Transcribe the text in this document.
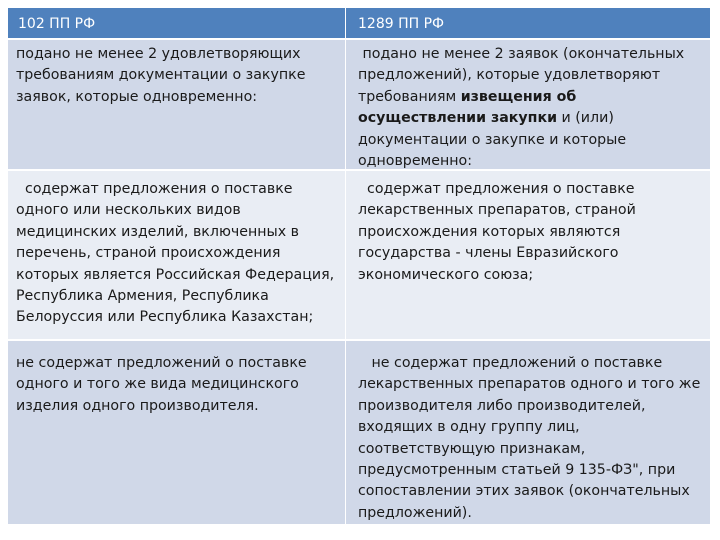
102 ПП РФ	1289 ПП РФ
подано не менее 2 удовлетворяющих требованиям документации о закупке заявок, которые одновременно:
подано не менее 2 заявок (окончательных предложений), которые удовлетворяют требованиям извещения об осуществлении закупки и (или) документации о закупке и которые одновременно:
содержат предложения о поставке одного или нескольких видов медицинских изделий, включенных в перечень, страной происхождения которых является Российская Федерация, Республика Армения, Республика Белоруссия или Республика Казахстан;
содержат предложения о поставке лекарственных препаратов, страной происхождения которых являются государства - члены Евразийского экономического союза;
не содержат предложений о поставке одного и того же вида медицинского изделия одного производителя.
не содержат предложений о поставке лекарственных препаратов одного и того же производителя либо производителей, входящих в одну группу лиц, соответствующую признакам, предусмотренным статьей 9 135-ФЗ", при сопоставлении этих заявок (окончательных предложений).
